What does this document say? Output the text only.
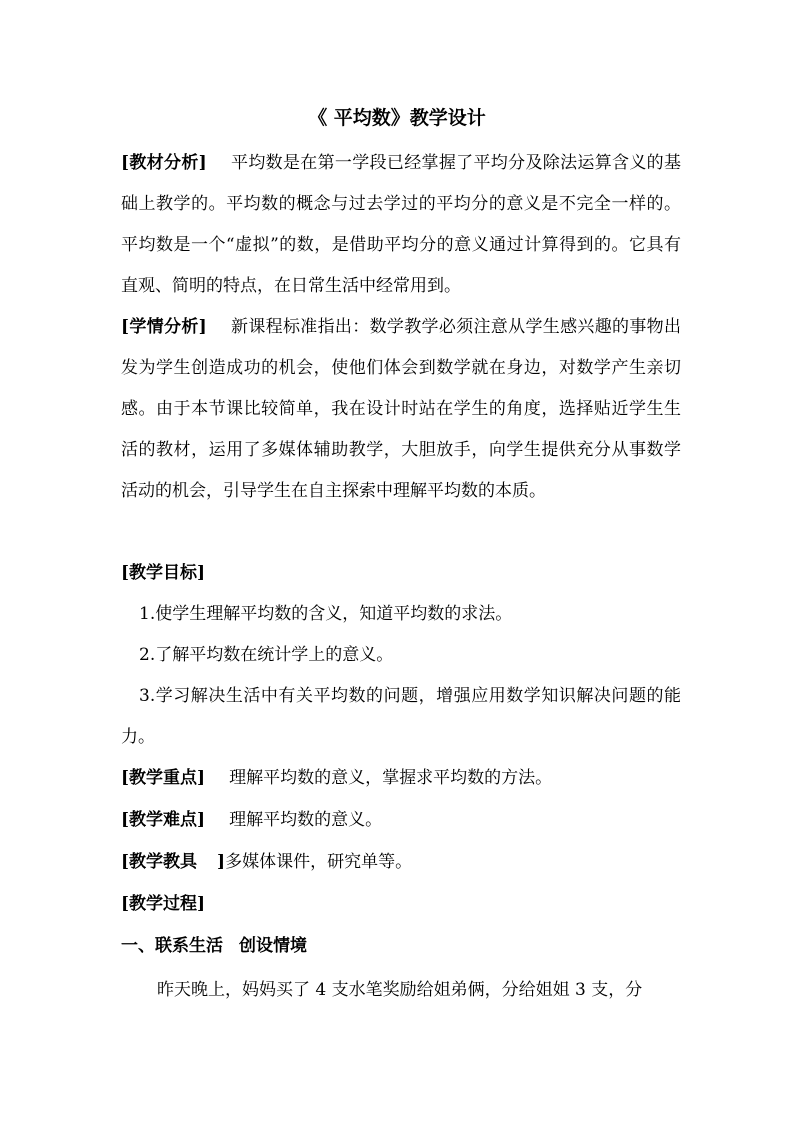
《 平均数》教学设计
[教材分析] 平均数是在第一学段已经掌握了平均分及除法运算含义的基础上教学的。平均数的概念与过去学过的平均分的意义是不完全一样的。平均数是一个“虚拟”的数，是借助平均分的意义通过计算得到的。它具有直观、简明的特点，在日常生活中经常用到。
[学情分析] 新课程标准指出：数学教学必须注意从学生感兴趣的事物出发为学生创造成功的机会，使他们体会到数学就在身边，对数学产生亲切感。由于本节课比较简单，我在设计时站在学生的角度，选择贴近学生生活的教材，运用了多媒体辅助教学，大胆放手，向学生提供充分从事数学活动的机会，引导学生在自主探索中理解平均数的本质。
[教学目标]
1.使学生理解平均数的含义，知道平均数的求法。
2.了解平均数在统计学上的意义。
3.学习解决生活中有关平均数的问题，增强应用数学知识解决问题的能力。
[教学重点] 理解平均数的意义，掌握求平均数的方法。
[教学难点] 理解平均数的意义。
[教学教具 ]多媒体课件，研究单等。
[教学过程]
一、联系生活 创设情境
昨天晚上，妈妈买了 4 支水笔奖励给姐弟俩，分给姐姐 3 支，分
